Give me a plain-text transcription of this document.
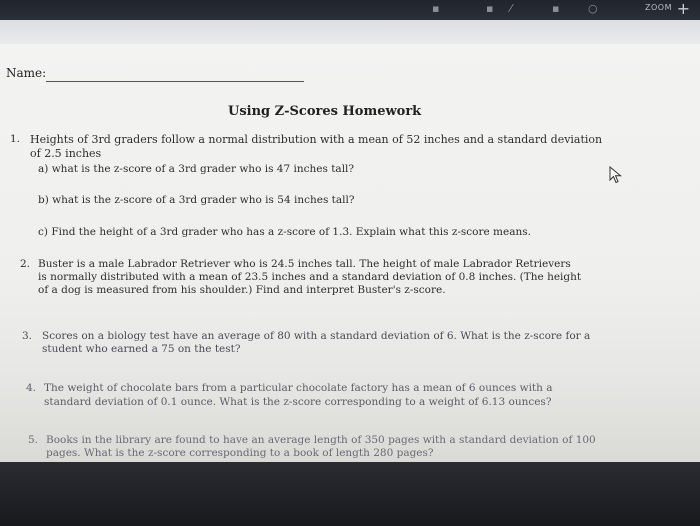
▪	▪ ⁄	▪	○	ZOOM +
Name:
Using Z-Scores Homework
1. Heights of 3rd graders follow a normal distribution with a mean of 52 inches and a standard deviation
of 2.5 inches
a) what is the z-score of a 3rd grader who is 47 inches tall?
b) what is the z-score of a 3rd grader who is 54 inches tall?
c) Find the height of a 3rd grader who has a z-score of 1.3. Explain what this z-score means.
2. Buster is a male Labrador Retriever who is 24.5 inches tall. The height of male Labrador Retrievers
is normally distributed with a mean of 23.5 inches and a standard deviation of 0.8 inches. (The height
of a dog is measured from his shoulder.) Find and interpret Buster's z-score.
3. Scores on a biology test have an average of 80 with a standard deviation of 6. What is the z-score for a
student who earned a 75 on the test?
4. The weight of chocolate bars from a particular chocolate factory has a mean of 6 ounces with a
standard deviation of 0.1 ounce. What is the z-score corresponding to a weight of 6.13 ounces?
5. Books in the library are found to have an average length of 350 pages with a standard deviation of 100
pages. What is the z-score corresponding to a book of length 280 pages?
